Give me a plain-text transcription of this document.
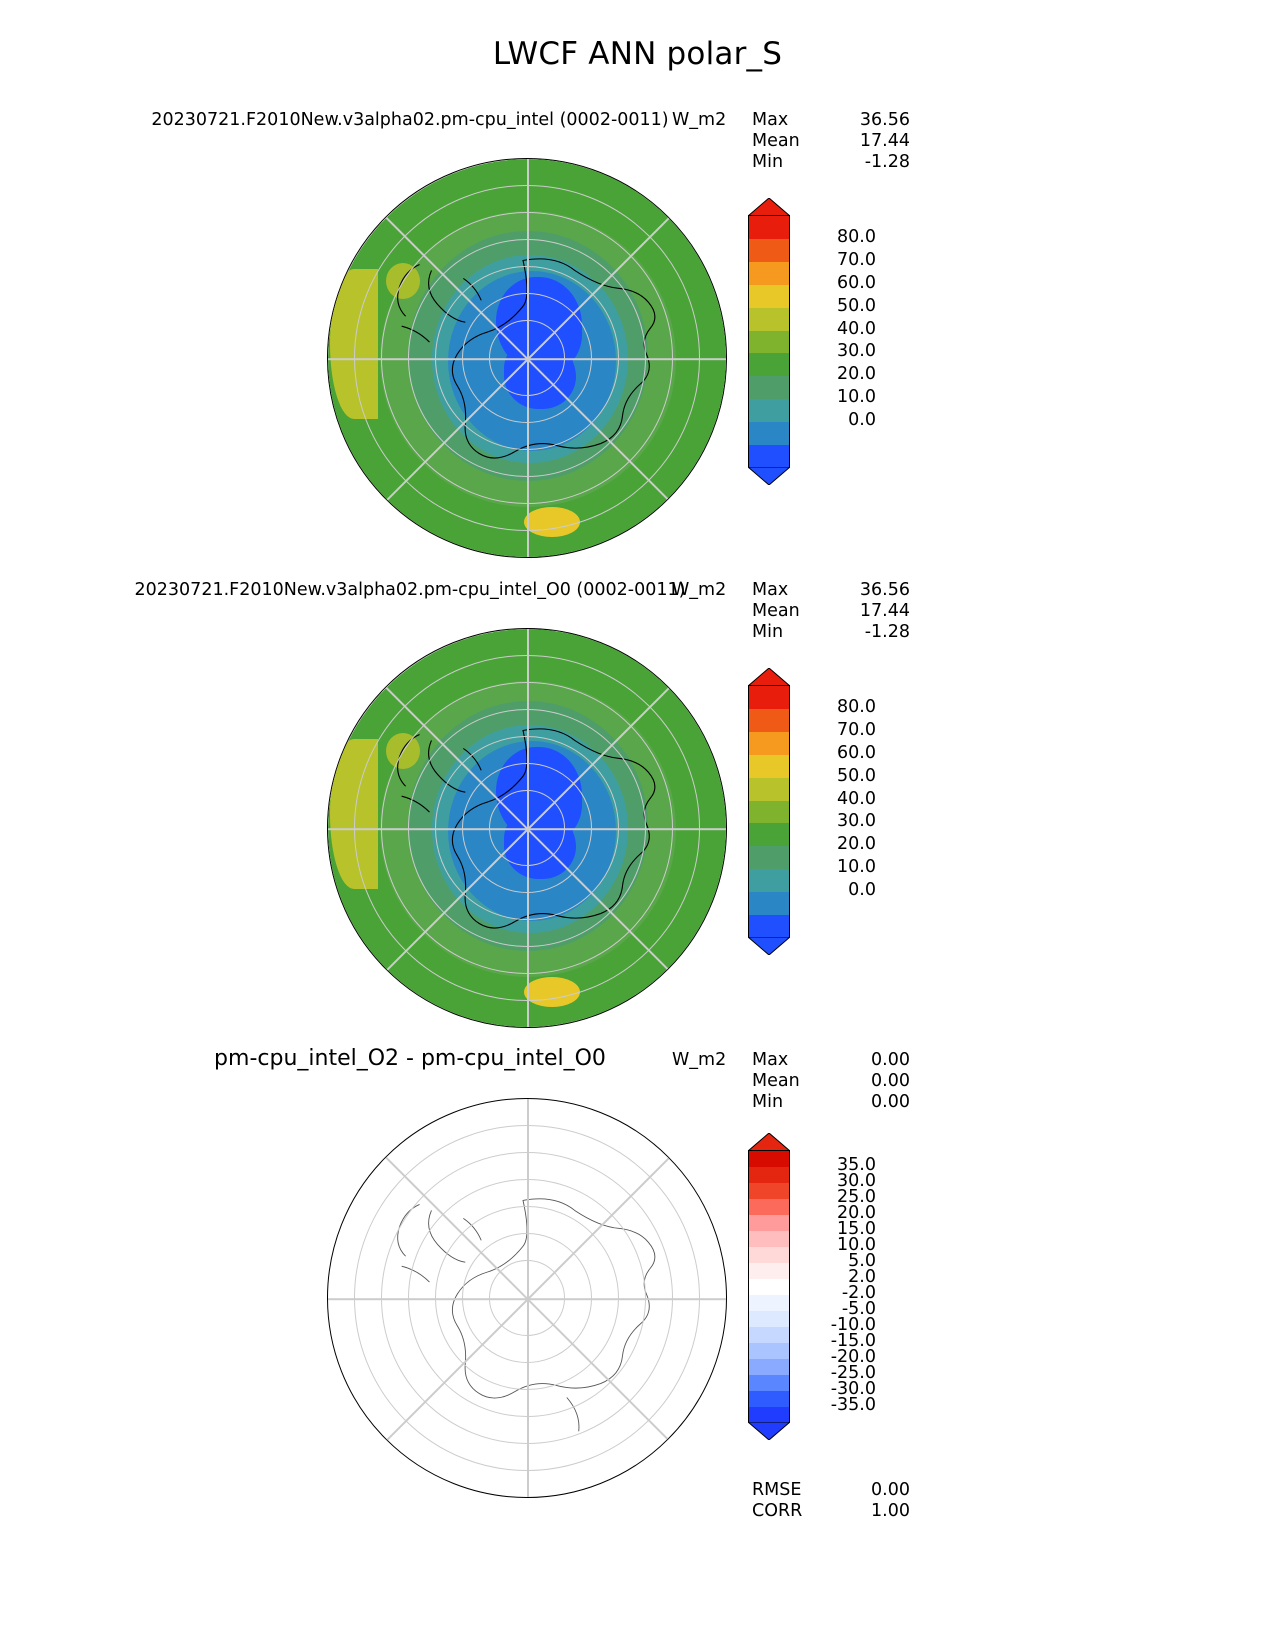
LWCF ANN polar_S
20230721.F2010New.v3alpha02.pm-cpu_intel (0002-0011) W_m2 Max	36.56
Mean	17.44
Min	-1.28
80.0
70.0
60.0
50.0
40.0
30.0
20.0
10.0
0.0
20230721.F2010New.v3alpha02.pm-cpu_intel_O0 (0002-0011)
W_m2 Max	36.56
Mean	17.44
Min	-1.28
80.0
70.0
60.0
50.0
40.0
30.0
20.0
10.0
0.0
pm-cpu_intel_O2 - pm-cpu_intel_O0	W_m2 Max	0.00
Mean	0.00
Min	0.00
35.0
30.0
25.0
20.0
15.0
10.0
5.0
2.0
-2.0
-5.0
-10.0
-15.0
-20.0
-25.0
-30.0
-35.0
RMSE	0.00
CORR	1.00
